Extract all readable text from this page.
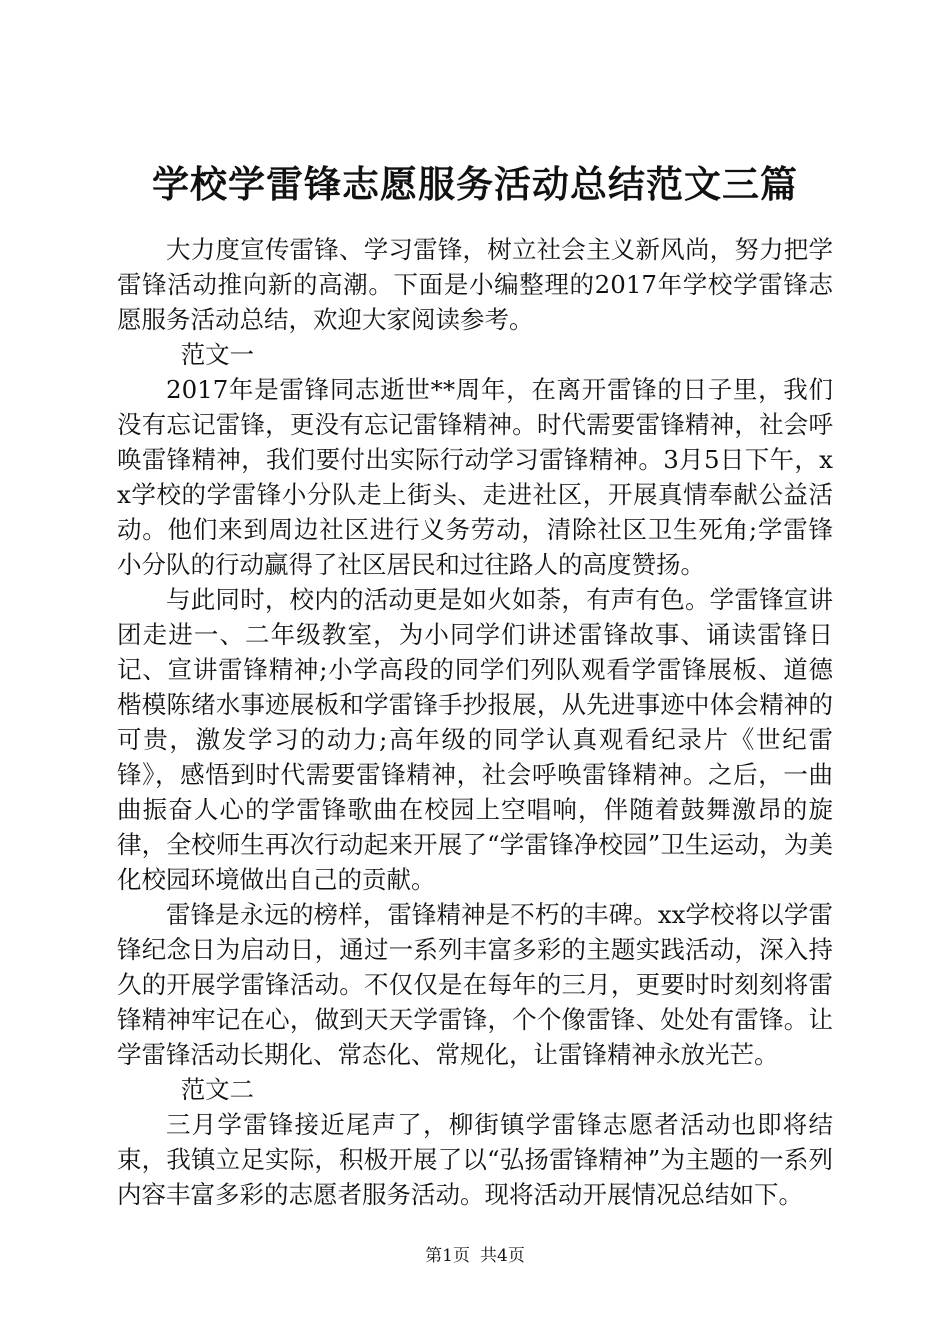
学校学雷锋志愿服务活动总结范文三篇

大力度宣传雷锋、学习雷锋，树立社会主义新风尚，努力把学雷锋活动推向新的高潮。下面是小编整理的2017年学校学雷锋志愿服务活动总结，欢迎大家阅读参考。

范文一

2017年是雷锋同志逝世**周年，在离开雷锋的日子里，我们没有忘记雷锋，更没有忘记雷锋精神。时代需要雷锋精神，社会呼唤雷锋精神，我们要付出实际行动学习雷锋精神。3月5日下午，xx学校的学雷锋小分队走上街头、走进社区，开展真情奉献公益活动。他们来到周边社区进行义务劳动，清除社区卫生死角;学雷锋小分队的行动赢得了社区居民和过往路人的高度赞扬。

与此同时，校内的活动更是如火如荼，有声有色。学雷锋宣讲团走进一、二年级教室，为小同学们讲述雷锋故事、诵读雷锋日记、宣讲雷锋精神;小学高段的同学们列队观看学雷锋展板、道德楷模陈绪水事迹展板和学雷锋手抄报展，从先进事迹中体会精神的可贵，激发学习的动力;高年级的同学认真观看纪录片《世纪雷锋》，感悟到时代需要雷锋精神，社会呼唤雷锋精神。之后，一曲曲振奋人心的学雷锋歌曲在校园上空唱响，伴随着鼓舞激昂的旋律，全校师生再次行动起来开展了“学雷锋净校园”卫生运动，为美化校园环境做出自己的贡献。

雷锋是永远的榜样，雷锋精神是不朽的丰碑。xx学校将以学雷锋纪念日为启动日，通过一系列丰富多彩的主题实践活动，深入持久的开展学雷锋活动。不仅仅是在每年的三月，更要时时刻刻将雷锋精神牢记在心，做到天天学雷锋，个个像雷锋、处处有雷锋。让学雷锋活动长期化、常态化、常规化，让雷锋精神永放光芒。

范文二

三月学雷锋接近尾声了，柳街镇学雷锋志愿者活动也即将结束，我镇立足实际，积极开展了以“弘扬雷锋精神”为主题的一系列内容丰富多彩的志愿者服务活动。现将活动开展情况总结如下。

第1页 共4页
